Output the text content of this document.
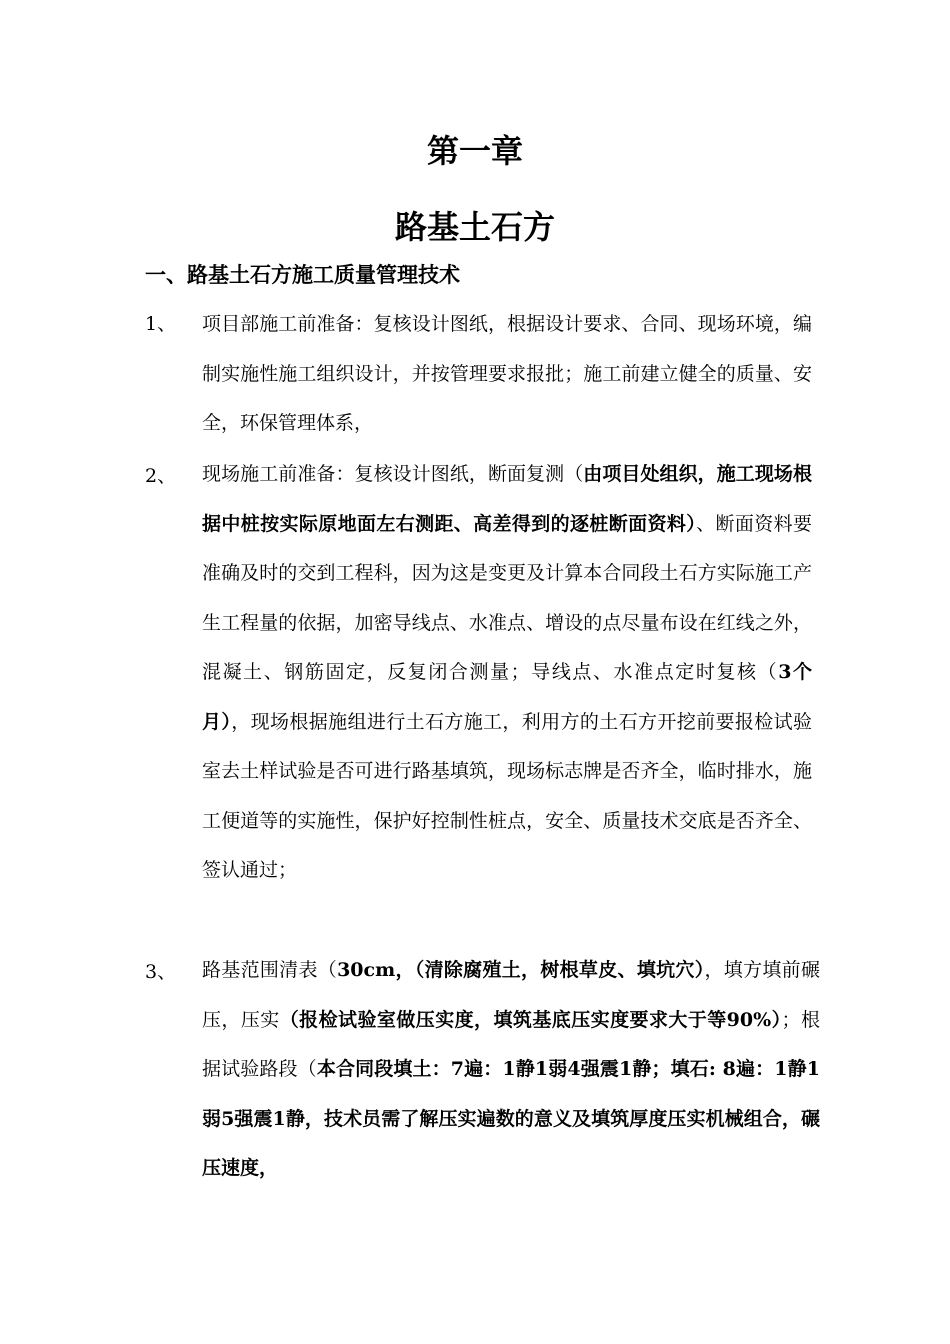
第一章
路基土石方
一、路基土石方施工质量管理技术
1、 项目部施工前准备：复核设计图纸，根据设计要求、合同、现场环境，编制实施性施工组织设计，并按管理要求报批；施工前建立健全的质量、安全，环保管理体系，
2、 现场施工前准备：复核设计图纸，断面复测（由项目处组织，施工现场根据中桩按实际原地面左右测距、高差得到的逐桩断面资料）、断面资料要准确及时的交到工程科，因为这是变更及计算本合同段土石方实际施工产生工程量的依据，加密导线点、水准点、增设的点尽量布设在红线之外，混凝土、钢筋固定，反复闭合测量；导线点、水准点定时复核（3个月），现场根据施组进行土石方施工，利用方的土石方开挖前要报检试验室去土样试验是否可进行路基填筑，现场标志牌是否齐全，临时排水，施工便道等的实施性，保护好控制性桩点，安全、质量技术交底是否齐全、签认通过；
3、 路基范围清表（30cm，（清除腐殖土，树根草皮、填坑穴），填方填前碾压，压实（报检试验室做压实度，填筑基底压实度要求大于等90%）；根据试验路段（本合同段填土：7遍：1静1弱4强震1静；填石: 8遍：1静1弱5强震1静，技术员需了解压实遍数的意义及填筑厚度压实机械组合，碾压速度，
